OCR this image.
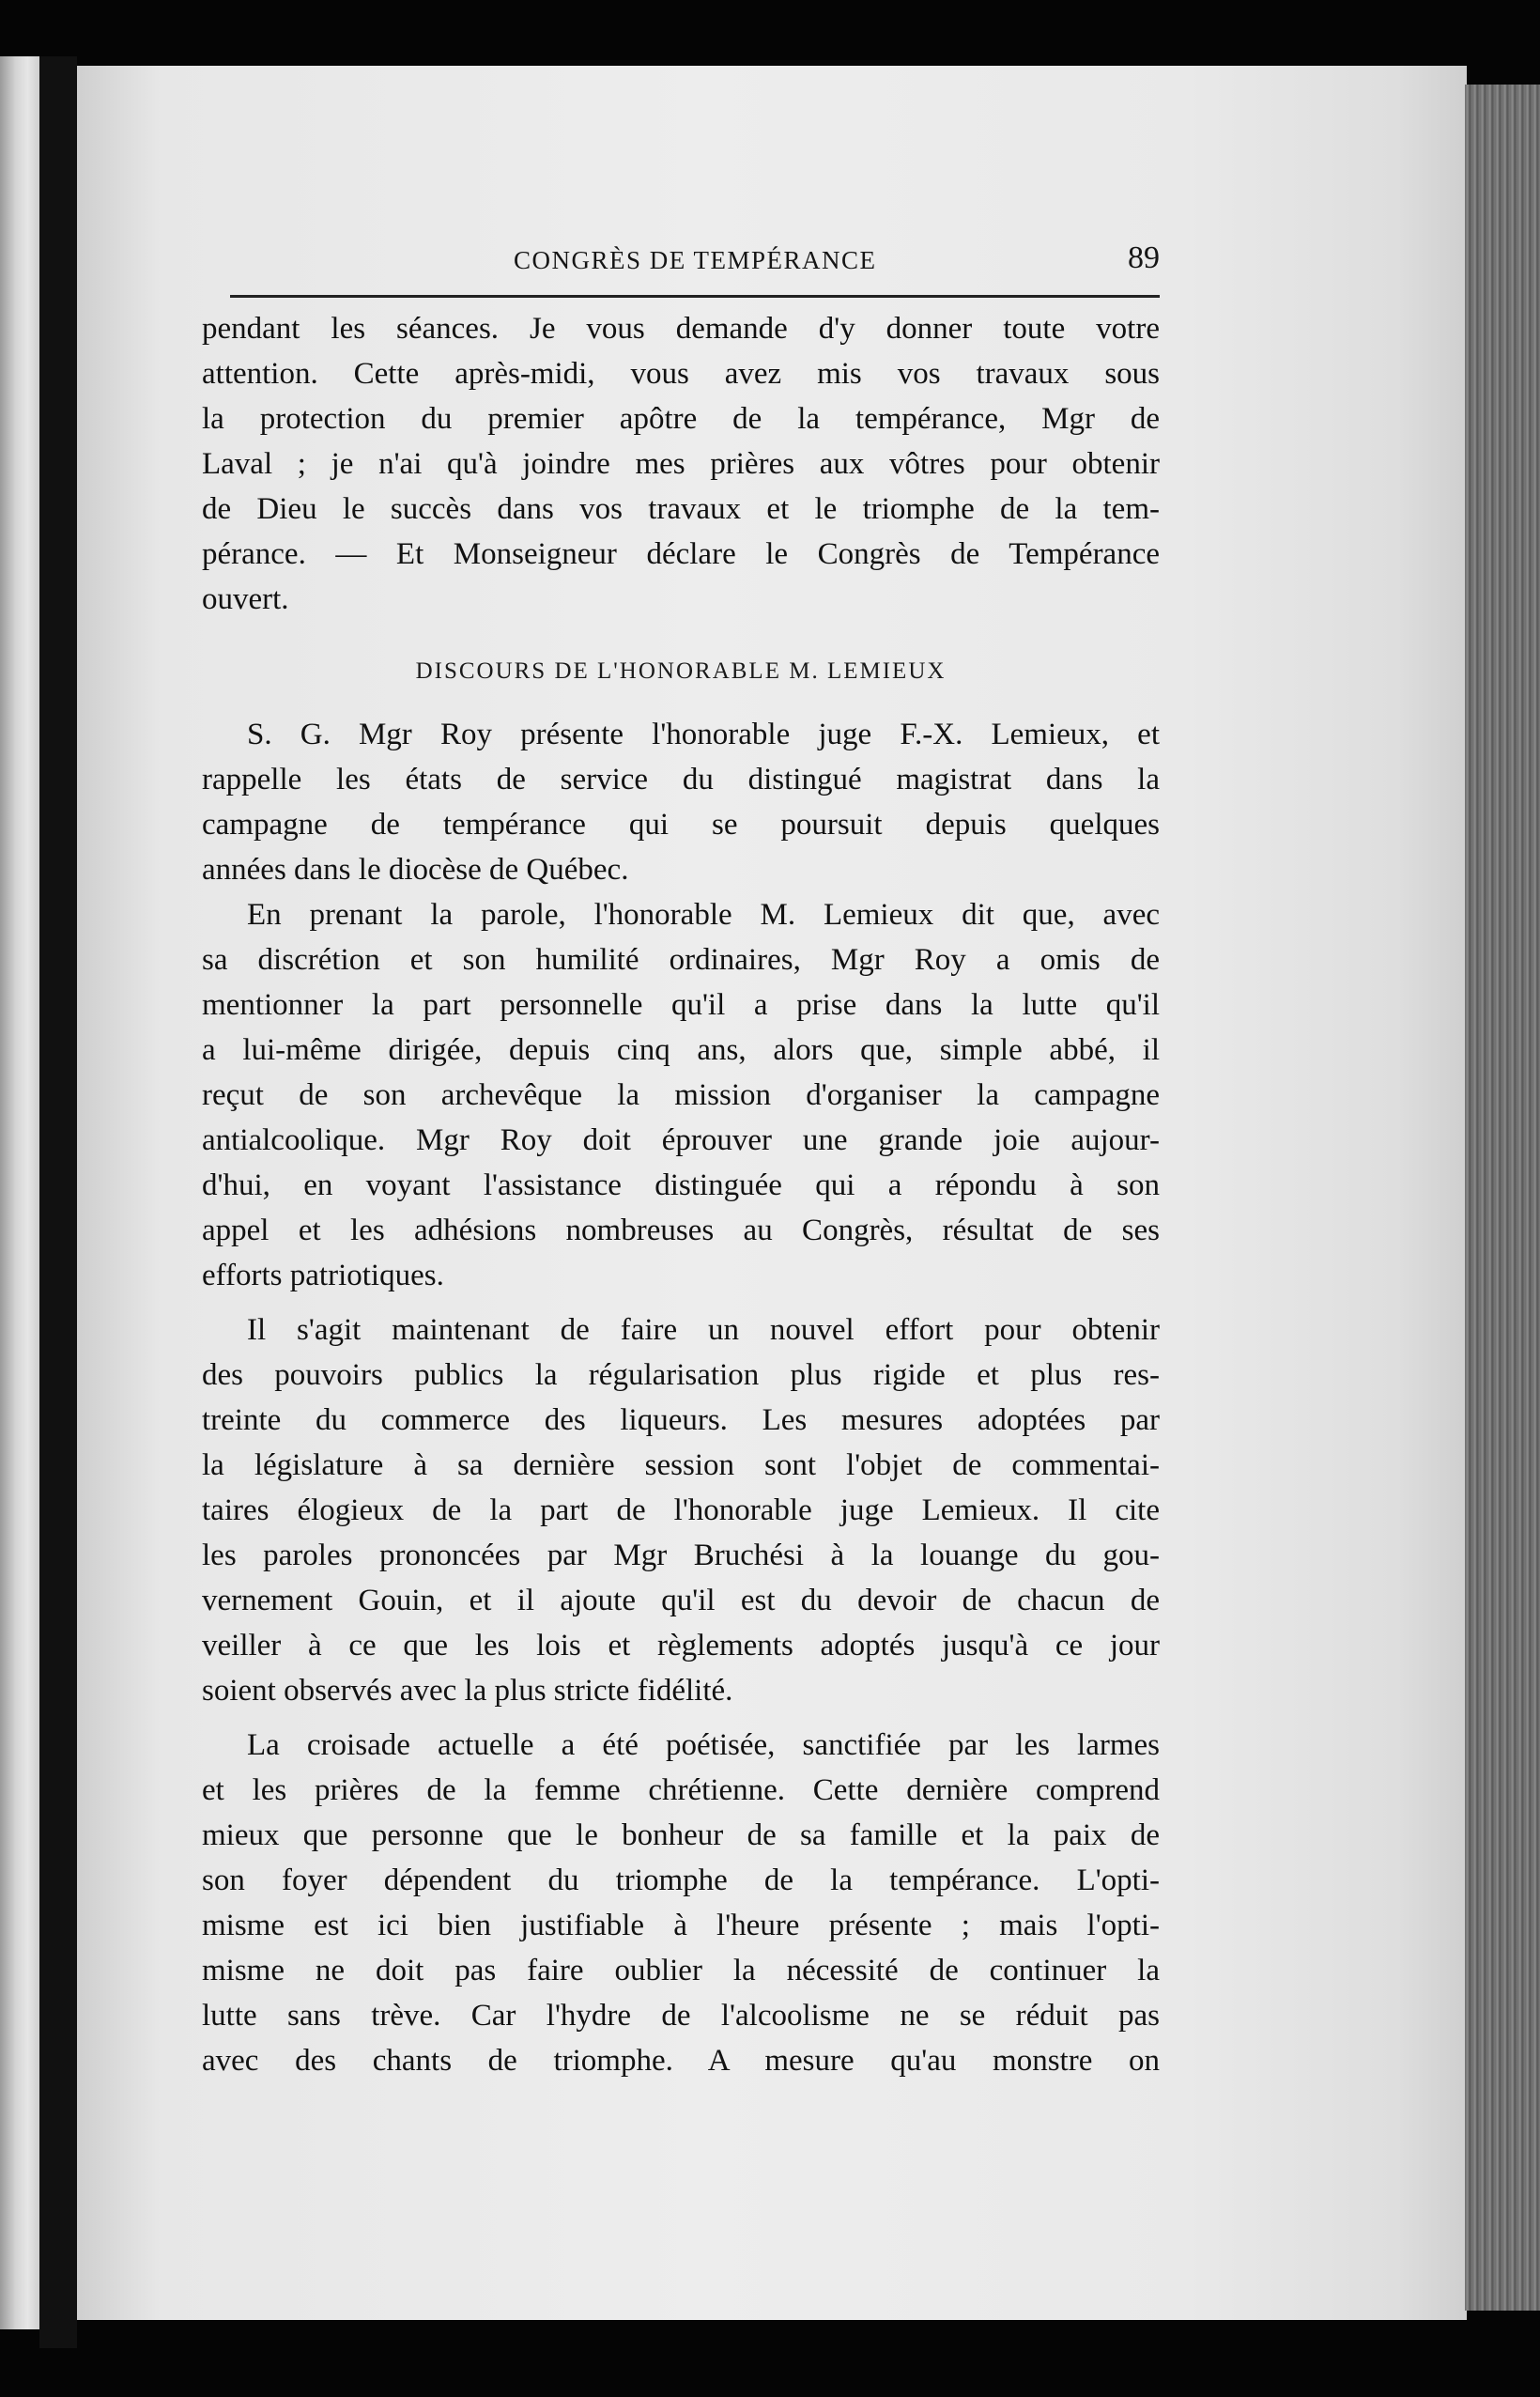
CONGRÈS DE TEMPÉRANCE	89
pendant les séances. Je vous demande d'y donner toute votre
attention. Cette après-midi, vous avez mis vos travaux sous
la protection du premier apôtre de la tempérance, Mgr de
Laval ; je n'ai qu'à joindre mes prières aux vôtres pour obtenir
de Dieu le succès dans vos travaux et le triomphe de la tem-
pérance. — Et Monseigneur déclare le Congrès de Tempérance
ouvert.
DISCOURS DE L'HONORABLE M. LEMIEUX
S. G. Mgr Roy présente l'honorable juge F.-X. Lemieux, et
rappelle les états de service du distingué magistrat dans la
campagne de tempérance qui se poursuit depuis quelques
années dans le diocèse de Québec.
En prenant la parole, l'honorable M. Lemieux dit que, avec
sa discrétion et son humilité ordinaires, Mgr Roy a omis de
mentionner la part personnelle qu'il a prise dans la lutte qu'il
a lui-même dirigée, depuis cinq ans, alors que, simple abbé, il
reçut de son archevêque la mission d'organiser la campagne
antialcoolique. Mgr Roy doit éprouver une grande joie aujour-
d'hui, en voyant l'assistance distinguée qui a répondu à son
appel et les adhésions nombreuses au Congrès, résultat de ses
efforts patriotiques.
Il s'agit maintenant de faire un nouvel effort pour obtenir
des pouvoirs publics la régularisation plus rigide et plus res-
treinte du commerce des liqueurs. Les mesures adoptées par
la législature à sa dernière session sont l'objet de commentai-
taires élogieux de la part de l'honorable juge Lemieux. Il cite
les paroles prononcées par Mgr Bruchési à la louange du gou-
vernement Gouin, et il ajoute qu'il est du devoir de chacun de
veiller à ce que les lois et règlements adoptés jusqu'à ce jour
soient observés avec la plus stricte fidélité.
La croisade actuelle a été poétisée, sanctifiée par les larmes
et les prières de la femme chrétienne. Cette dernière comprend
mieux que personne que le bonheur de sa famille et la paix de
son foyer dépendent du triomphe de la tempérance. L'opti-
misme est ici bien justifiable à l'heure présente ; mais l'opti-
misme ne doit pas faire oublier la nécessité de continuer la
lutte sans trève. Car l'hydre de l'alcoolisme ne se réduit pas
avec des chants de triomphe. A mesure qu'au monstre on
